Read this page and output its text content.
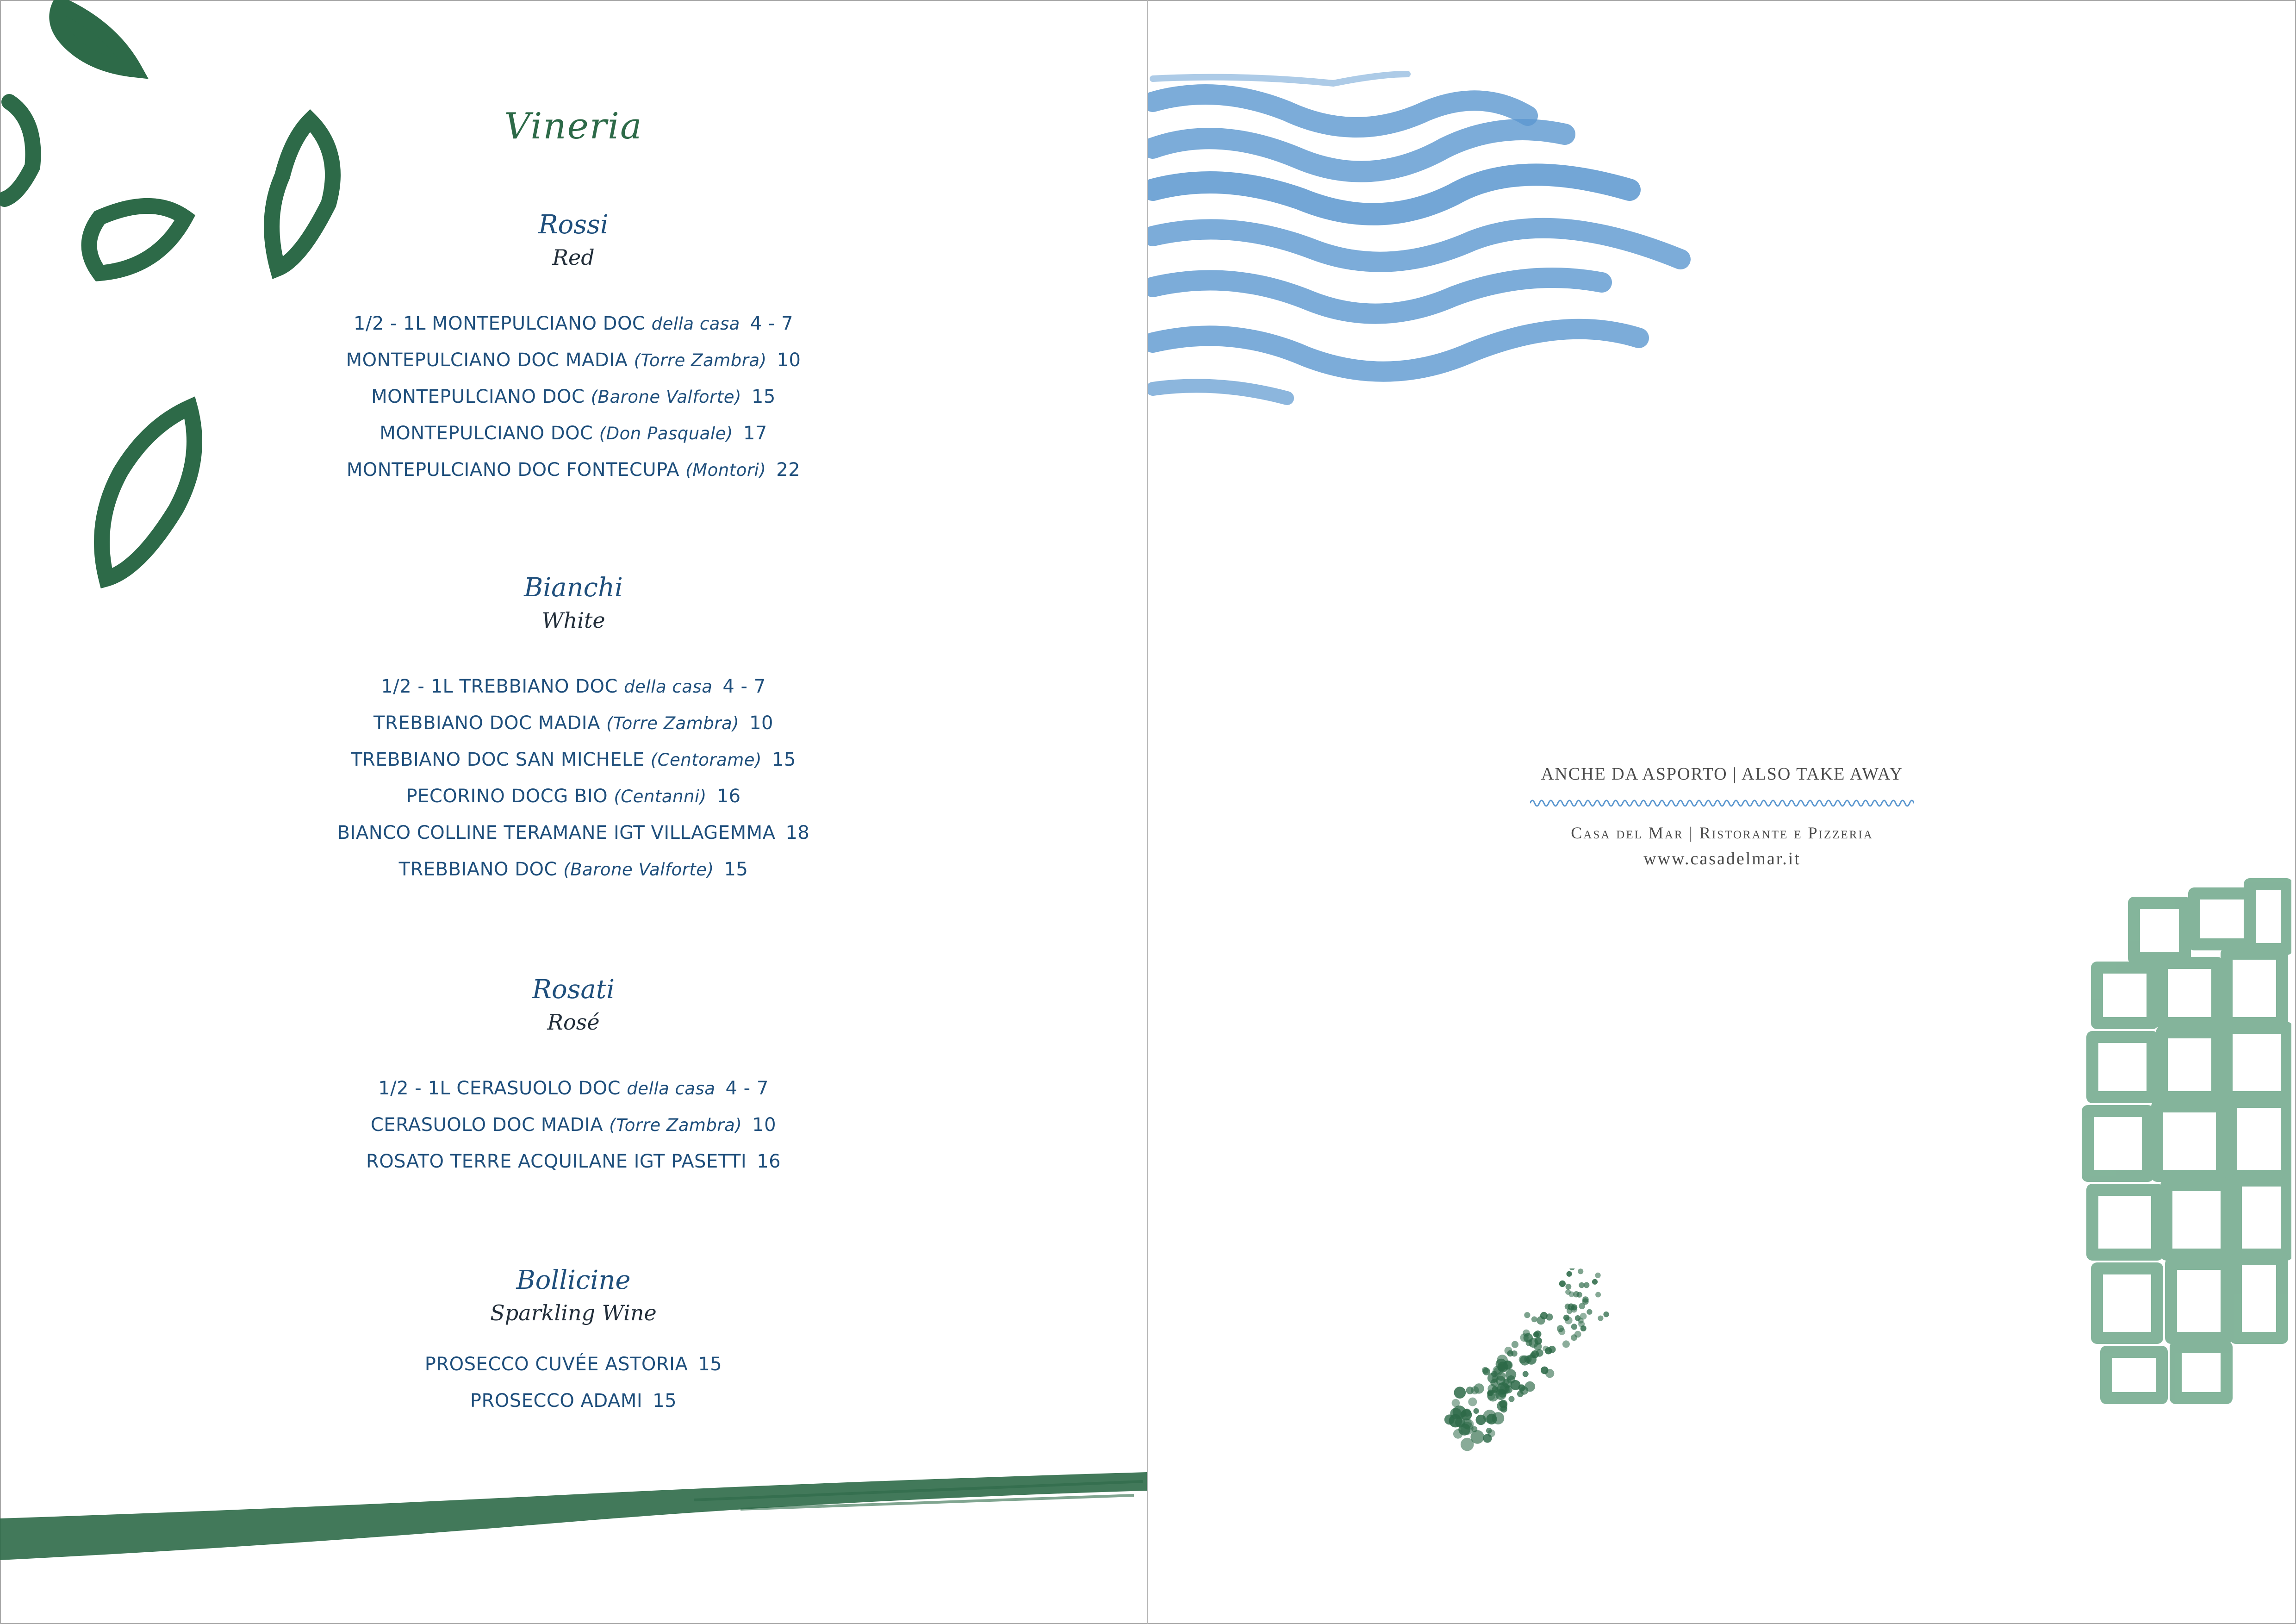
Vineria
Rossi
Red
1/2 - 1L MONTEPULCIANO DOC della casa 4 - 7
MONTEPULCIANO DOC MADIA (Torre Zambra) 10
MONTEPULCIANO DOC (Barone Valforte) 15
MONTEPULCIANO DOC (Don Pasquale) 17
MONTEPULCIANO DOC FONTECUPA (Montori) 22
Bianchi
White
1/2 - 1L TREBBIANO DOC della casa 4 - 7
TREBBIANO DOC MADIA (Torre Zambra) 10
TREBBIANO DOC SAN MICHELE (Centorame) 15
PECORINO DOCG BIO (Centanni) 16
BIANCO COLLINE TERAMANE IGT VILLAGEMMA 18
TREBBIANO DOC (Barone Valforte) 15
Rosati
Rosé
1/2 - 1L CERASUOLO DOC della casa 4 - 7
CERASUOLO DOC MADIA (Torre Zambra) 10
ROSATO TERRE ACQUILANE IGT PASETTI 16
Bollicine
Sparkling Wine
PROSECCO CUVÉE ASTORIA 15
PROSECCO ADAMI 15
ANCHE DA ASPORTO | ALSO TAKE AWAY
Casa del Mar | Ristorante e Pizzeria
www.casadelmar.it
